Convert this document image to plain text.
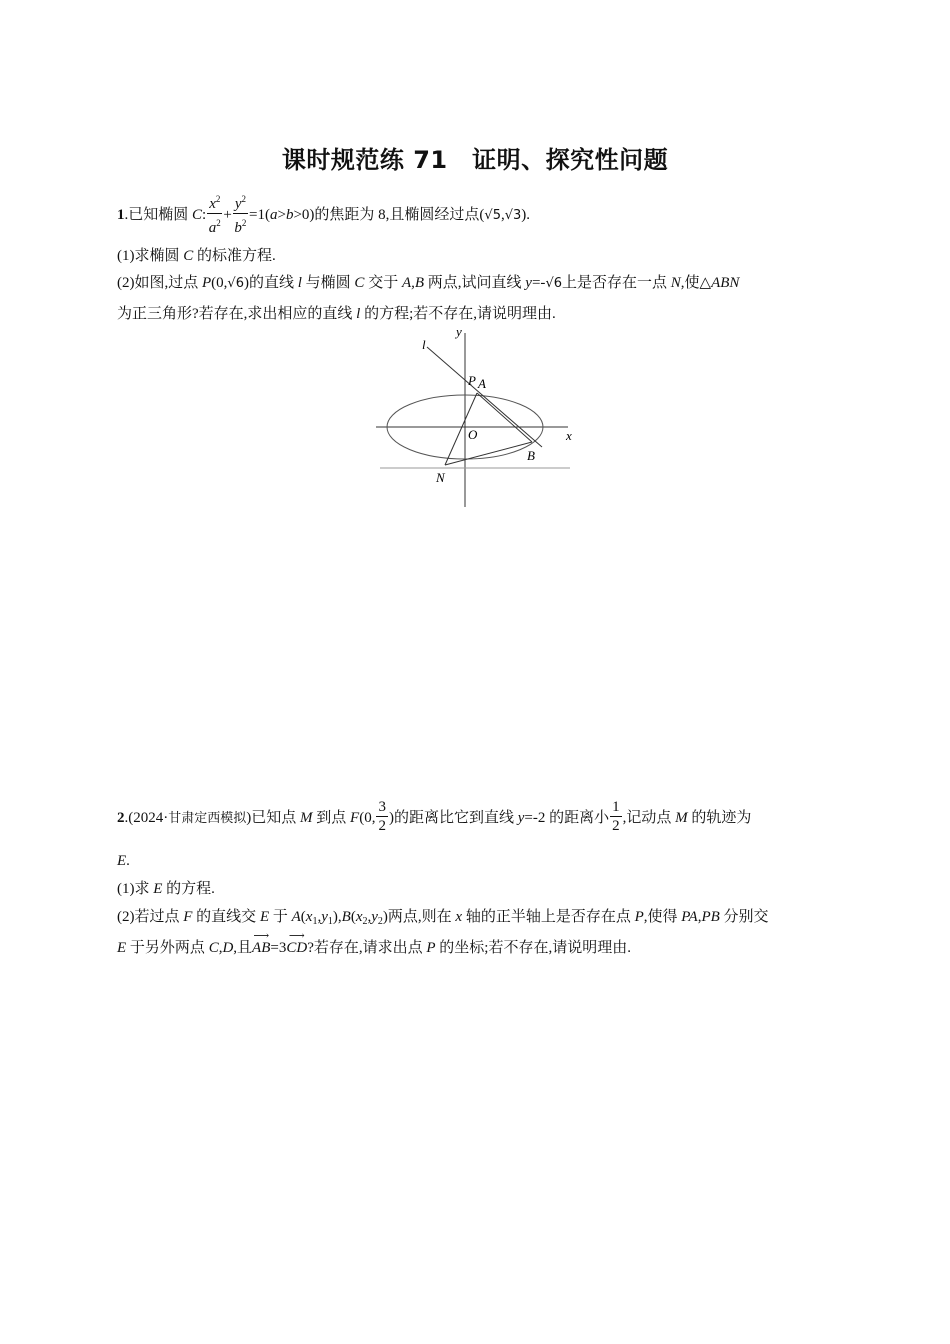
课时规范练 71　证明、探究性问题
1.已知椭圆 C: $\frac{x^2}{a^2} + \frac{y^2}{b^2} =1(a>b>0)$的焦距为 8,且椭圆经过点(√5,√3).
(1)求椭圆 C 的标准方程.
(2)如图,过点 P(0,√6)的直线 l 与椭圆 C 交于 A,B 两点,试问直线 y=-√6上是否存在一点 N,使△ABN
为正三角形?若存在,求出相应的直线 l 的方程;若不存在,请说明理由.
l
y
P A
O	x
B
N
2.(2024·甘肃定西模拟)已知点 M 到点 F(0, $\frac{3}{2}$ )的距离比它到直线 y=-2 的距离小 $\frac{1}{2}$ ,记动点 M 的轨迹为
E.
(1)求 E 的方程.
(2)若过点 F 的直线交 E 于 $A(x_1,y_1),B(x_2,y_2)$两点,则在 x 轴的正半轴上是否存在点 P,使得 PA,PB 分别交
E 于另外两点 C,D,且
⟶
AB=3
⟶
CD?若存在,请求出点 P 的坐标;若不存在,请说明理由.
